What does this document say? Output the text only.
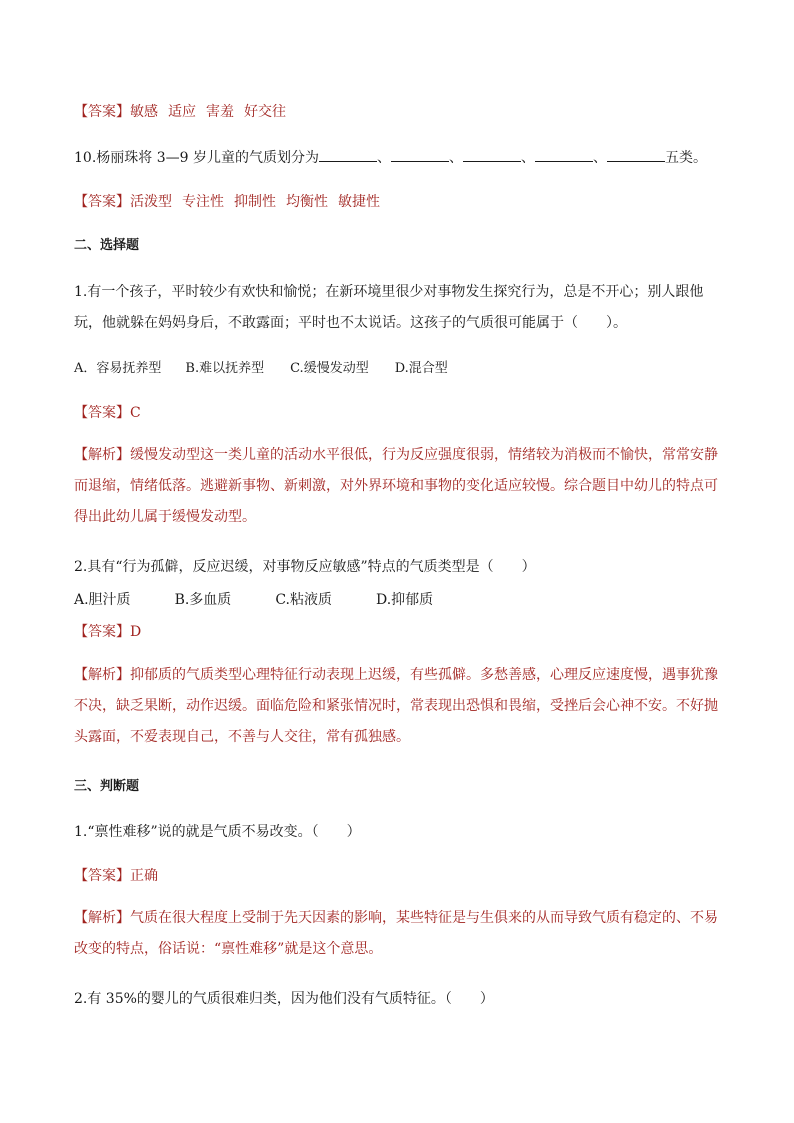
【答案】敏感 适应 害羞 好交往
10.杨丽珠将 3—9 岁儿童的气质划分为	、	、	、	、	五类。
【答案】活泼型 专注性 抑制性 均衡性 敏捷性
二、选择题
1.有一个孩子，平时较少有欢快和愉悦；在新环境里很少对事物发生探究行为，总是不开心；别人跟他玩，他就躲在妈妈身后，不敢露面；平时也不太说话。这孩子的气质很可能属于（　　）。
A．容易抚养型 B.难以抚养型 C.缓慢发动型 D.混合型
【答案】C
【解析】缓慢发动型这一类儿童的活动水平很低，行为反应强度很弱，情绪较为消极而不愉快，常常安静而退缩，情绪低落。逃避新事物、新刺激，对外界环境和事物的变化适应较慢。综合题目中幼儿的特点可得出此幼儿属于缓慢发动型。
2.具有“行为孤僻，反应迟缓，对事物反应敏感”特点的气质类型是（　　）
A.胆汁质	B.多血质	C.粘液质	D.抑郁质
【答案】D
【解析】抑郁质的气质类型心理特征行动表现上迟缓，有些孤僻。多愁善感，心理反应速度慢，遇事犹豫不决，缺乏果断，动作迟缓。面临危险和紧张情况时，常表现出恐惧和畏缩，受挫后会心神不安。不好抛头露面，不爱表现自己，不善与人交往，常有孤独感。
三、判断题
1.“禀性难移”说的就是气质不易改变。（　　）
【答案】正确
【解析】气质在很大程度上受制于先天因素的影响，某些特征是与生俱来的从而导致气质有稳定的、不易改变的特点，俗话说：“禀性难移”就是这个意思。
2.有 35%的婴儿的气质很难归类，因为他们没有气质特征。（　　）
